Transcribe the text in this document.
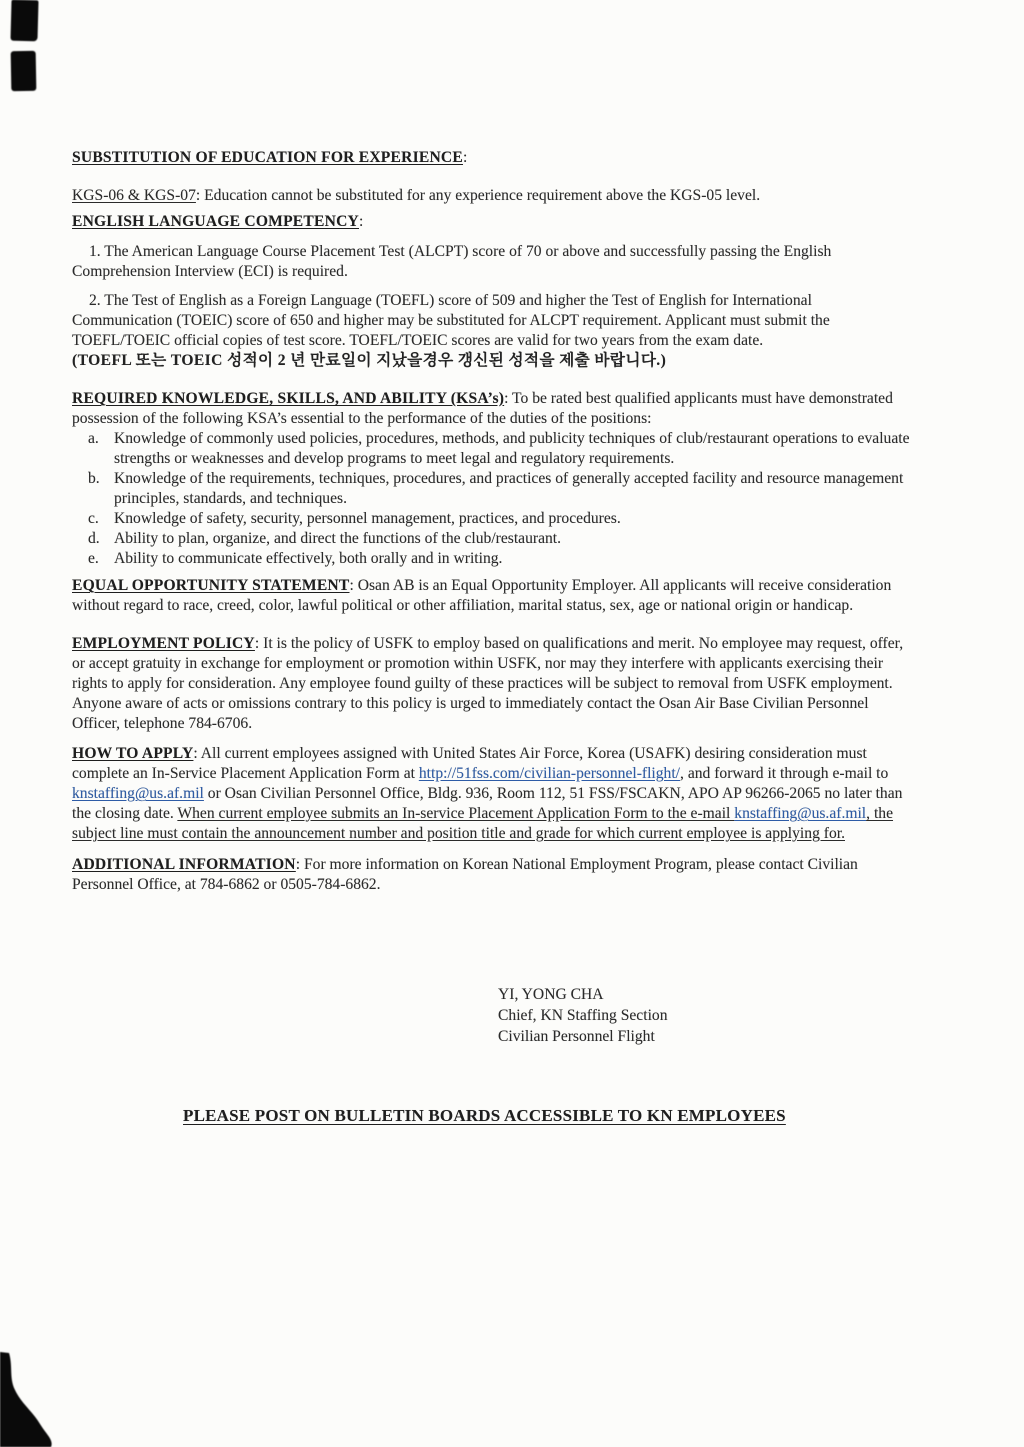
SUBSTITUTION OF EDUCATION FOR EXPERIENCE:
KGS-06 & KGS-07: Education cannot be substituted for any experience requirement above the KGS-05 level.
ENGLISH LANGUAGE COMPETENCY:
1. The American Language Course Placement Test (ALCPT) score of 70 or above and successfully passing the English
Comprehension Interview (ECI) is required.
2. The Test of English as a Foreign Language (TOEFL) score of 509 and higher the Test of English for International
Communication (TOEIC) score of 650 and higher may be substituted for ALCPT requirement. Applicant must submit the
TOEFL/TOEIC official copies of test score. TOEFL/TOEIC scores are valid for two years from the exam date.
(TOEFL 또는 TOEIC 성적이 2 년 만료일이 지났을경우 갱신된 성적을 제출 바랍니다.)
REQUIRED KNOWLEDGE, SKILLS, AND ABILITY (KSA’s): To be rated best qualified applicants must have demonstrated
possession of the following KSA’s essential to the performance of the duties of the positions:
a. Knowledge of commonly used policies, procedures, methods, and publicity techniques of club/restaurant operations to evaluate
strengths or weaknesses and develop programs to meet legal and regulatory requirements.
b. Knowledge of the requirements, techniques, procedures, and practices of generally accepted facility and resource management
principles, standards, and techniques.
c. Knowledge of safety, security, personnel management, practices, and procedures.
d. Ability to plan, organize, and direct the functions of the club/restaurant.
e. Ability to communicate effectively, both orally and in writing.
EQUAL OPPORTUNITY STATEMENT: Osan AB is an Equal Opportunity Employer. All applicants will receive consideration
without regard to race, creed, color, lawful political or other affiliation, marital status, sex, age or national origin or handicap.
EMPLOYMENT POLICY: It is the policy of USFK to employ based on qualifications and merit. No employee may request, offer,
or accept gratuity in exchange for employment or promotion within USFK, nor may they interfere with applicants exercising their
rights to apply for consideration. Any employee found guilty of these practices will be subject to removal from USFK employment.
Anyone aware of acts or omissions contrary to this policy is urged to immediately contact the Osan Air Base Civilian Personnel
Officer, telephone 784-6706.
HOW TO APPLY: All current employees assigned with United States Air Force, Korea (USAFK) desiring consideration must
complete an In-Service Placement Application Form at http://51fss.com/civilian-personnel-flight/, and forward it through e-mail to
knstaffing@us.af.mil or Osan Civilian Personnel Office, Bldg. 936, Room 112, 51 FSS/FSCAKN, APO AP 96266-2065 no later than
the closing date. When current employee submits an In-service Placement Application Form to the e-mail knstaffing@us.af.mil, the
subject line must contain the announcement number and position title and grade for which current employee is applying for.
ADDITIONAL INFORMATION: For more information on Korean National Employment Program, please contact Civilian
Personnel Office, at 784-6862 or 0505-784-6862.
YI, YONG CHA
Chief, KN Staffing Section
Civilian Personnel Flight
PLEASE POST ON BULLETIN BOARDS ACCESSIBLE TO KN EMPLOYEES
